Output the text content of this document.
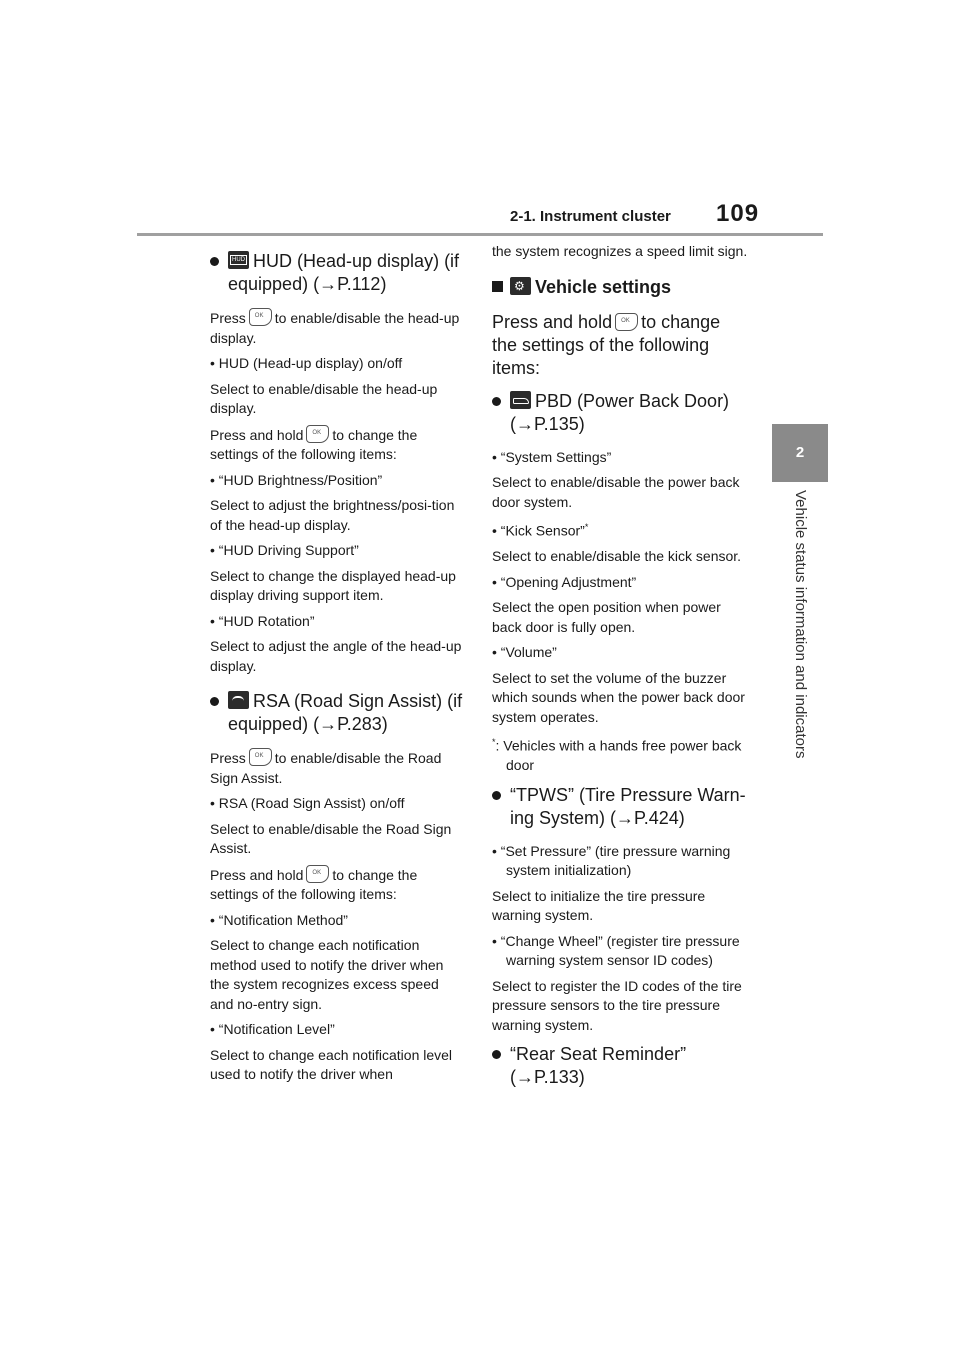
2-1. Instrument cluster 109
2
Vehicle status information and indicators
HUDHUD (Head-up display) (if equipped) (→P.112)
Press OK to enable/disable the head-up display.
• HUD (Head-up display) on/off
Select to enable/disable the head-up display.
Press and hold OK to change the settings of the following items:
• “HUD Brightness/Position”
Select to adjust the brightness/posi-tion of the head-up display.
• “HUD Driving Support”
Select to change the displayed head-up display driving support item.
• “HUD Rotation”
Select to adjust the angle of the head-up display.
RSA (Road Sign Assist) (if equipped) (→P.283)
Press OK to enable/disable the Road Sign Assist.
• RSA (Road Sign Assist) on/off
Select to enable/disable the Road Sign Assist.
Press and hold OK to change the settings of the following items:
• “Notification Method”
Select to change each notification method used to notify the driver when the system recognizes excess speed and no-entry sign.
• “Notification Level”
Select to change each notification level used to notify the driver when
the system recognizes a speed limit sign.
⚙Vehicle settings
Press and hold OK to change the settings of the following items:
PBD (Power Back Door) (→P.135)
• “System Settings”
Select to enable/disable the power back door system.
• “Kick Sensor”*
Select to enable/disable the kick sensor.
• “Opening Adjustment”
Select the open position when power back door is fully open.
• “Volume”
Select to set the volume of the buzzer which sounds when the power back door system operates.
*: Vehicles with a hands free power back door
“TPWS” (Tire Pressure Warn-ing System) (→P.424)
• “Set Pressure” (tire pressure warning system initialization)
Select to initialize the tire pressure warning system.
• “Change Wheel” (register tire pressure warning system sensor ID codes)
Select to register the ID codes of the tire pressure sensors to the tire pressure warning system.
“Rear Seat Reminder” (→P.133)
